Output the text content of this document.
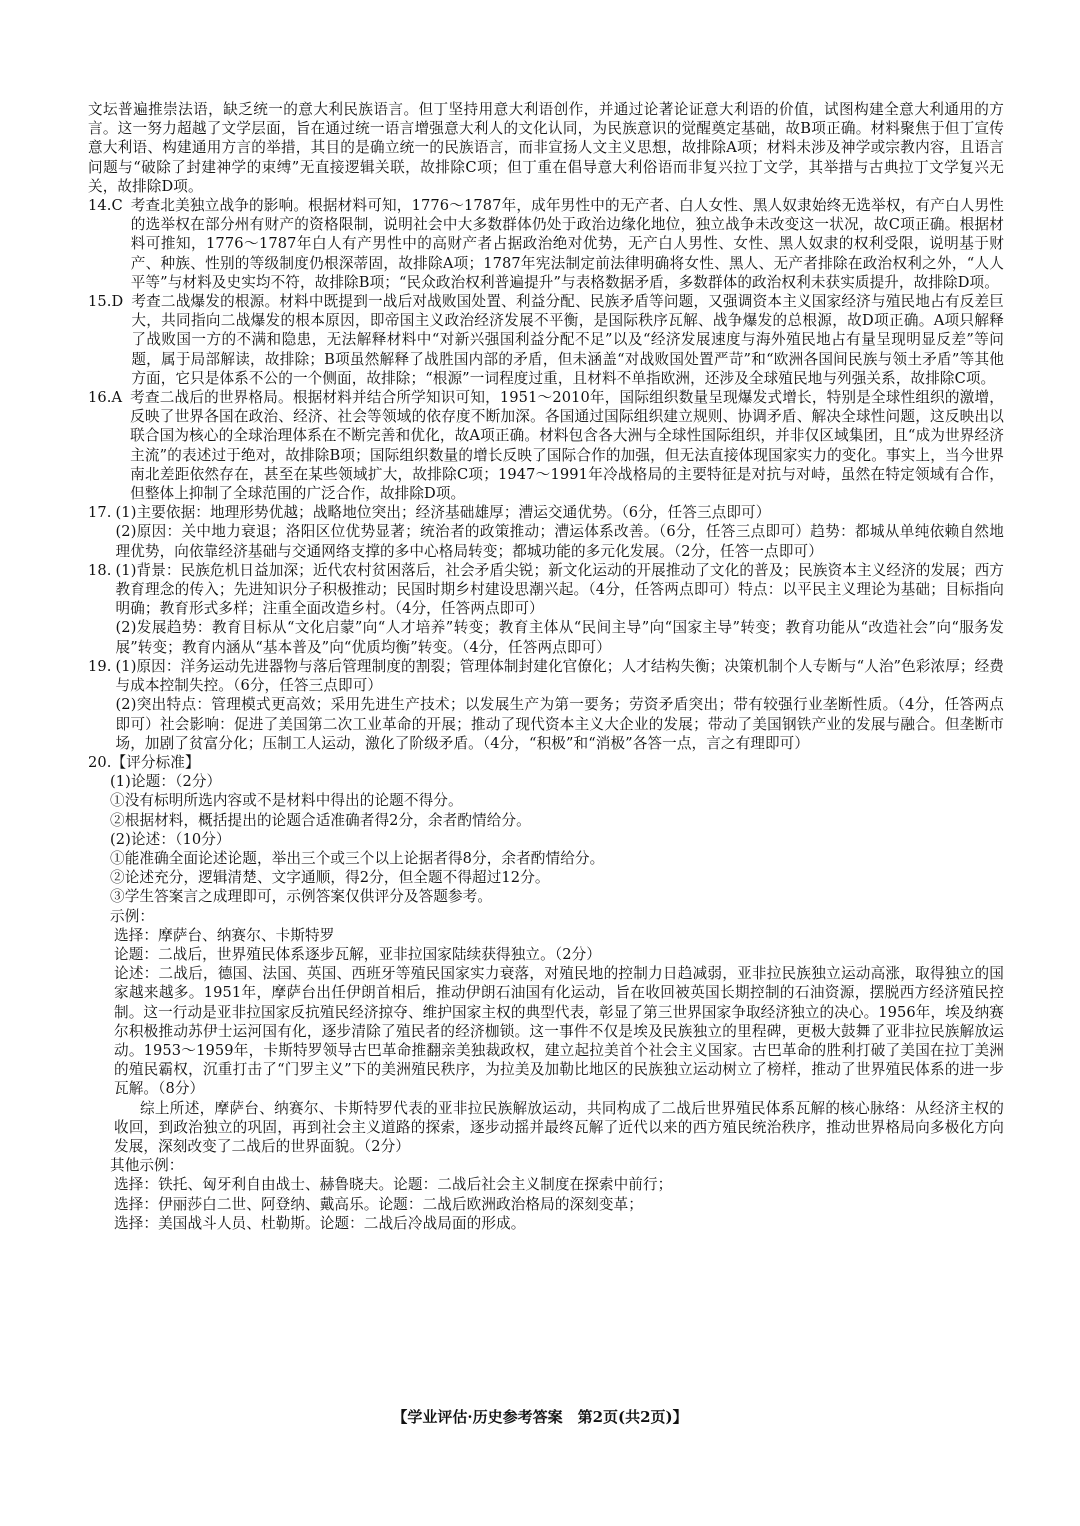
文坛普遍推崇法语，缺乏统一的意大利民族语言。但丁坚持用意大利语创作，并通过论著论证意大利语的价值，试图构建全意大利通用的方言。这一努力超越了文学层面，旨在通过统一语言增强意大利人的文化认同，为民族意识的觉醒奠定基础，故B项正确。材料聚焦于但丁宣传意大利语、构建通用方言的举措，其目的是确立统一的民族语言，而非宣扬人文主义思想，故排除A项；材料未涉及神学或宗教内容，且语言问题与“破除了封建神学的束缚”无直接逻辑关联，故排除C项；但丁重在倡导意大利俗语而非复兴拉丁文学，其举措与古典拉丁文学复兴无关，故排除D项。

14.C 考查北美独立战争的影响。根据材料可知，1776～1787年，成年男性中的无产者、白人女性、黑人奴隶始终无选举权，有产白人男性的选举权在部分州有财产的资格限制，说明社会中大多数群体仍处于政治边缘化地位，独立战争未改变这一状况，故C项正确。根据材料可推知，1776～1787年白人有产男性中的高财产者占据政治绝对优势，无产白人男性、女性、黑人奴隶的权利受限，说明基于财产、种族、性别的等级制度仍根深蒂固，故排除A项；1787年宪法制定前法律明确将女性、黑人、无产者排除在政治权利之外，“人人平等”与材料及史实均不符，故排除B项；“民众政治权利普遍提升”与表格数据矛盾，多数群体的政治权利未获实质提升，故排除D项。
15.D 考查二战爆发的根源。材料中既提到一战后对战败国处置、利益分配、民族矛盾等问题，又强调资本主义国家经济与殖民地占有反差巨大，共同指向二战爆发的根本原因，即帝国主义政治经济发展不平衡，是国际秩序瓦解、战争爆发的总根源，故D项正确。A项只解释了战败国一方的不满和隐患，无法解释材料中“对新兴强国利益分配不足”以及“经济发展速度与海外殖民地占有量呈现明显反差”等问题，属于局部解读，故排除；B项虽然解释了战胜国内部的矛盾，但未涵盖“对战败国处置严苛”和“欧洲各国间民族与领土矛盾”等其他方面，它只是体系不公的一个侧面，故排除；“根源”一词程度过重，且材料不单指欧洲，还涉及全球殖民地与列强关系，故排除C项。
16.A 考查二战后的世界格局。根据材料并结合所学知识可知，1951～2010年，国际组织数量呈现爆发式增长，特别是全球性组织的激增，反映了世界各国在政治、经济、社会等领域的依存度不断加深。各国通过国际组织建立规则、协调矛盾、解决全球性问题，这反映出以联合国为核心的全球治理体系在不断完善和优化，故A项正确。材料包含各大洲与全球性国际组织，并非仅区域集团，且“成为世界经济主流”的表述过于绝对，故排除B项；国际组织数量的增长反映了国际合作的加强，但无法直接体现国家实力的变化。事实上，当今世界南北差距依然存在，甚至在某些领域扩大，故排除C项；1947～1991年冷战格局的主要特征是对抗与对峙，虽然在特定领域有合作，但整体上抑制了全球范围的广泛合作，故排除D项。
17. (1)主要依据：地理形势优越；战略地位突出；经济基础雄厚；漕运交通优势。（6分，任答三点即可）

(2)原因：关中地力衰退；洛阳区位优势显著；统治者的政策推动；漕运体系改善。（6分，任答三点即可）趋势：都城从单纯依赖自然地理优势，向依靠经济基础与交通网络支撑的多中心格局转变；都城功能的多元化发展。（2分，任答一点即可）

18. (1)背景：民族危机日益加深；近代农村贫困落后，社会矛盾尖锐；新文化运动的开展推动了文化的普及；民族资本主义经济的发展；西方教育理念的传入；先进知识分子积极推动；民国时期乡村建设思潮兴起。（4分，任答两点即可）特点：以平民主义理论为基础；目标指向明确；教育形式多样；注重全面改造乡村。（4分，任答两点即可）

(2)发展趋势：教育目标从“文化启蒙”向“人才培养”转变；教育主体从“民间主导”向“国家主导”转变；教育功能从“改造社会”向“服务发展”转变；教育内涵从“基本普及”向“优质均衡”转变。（4分，任答两点即可）

19. (1)原因：洋务运动先进器物与落后管理制度的割裂；管理体制封建化官僚化；人才结构失衡；决策机制个人专断与“人治”色彩浓厚；经费与成本控制失控。（6分，任答三点即可）

(2)突出特点：管理模式更高效；采用先进生产技术；以发展生产为第一要务；劳资矛盾突出；带有较强行业垄断性质。（4分，任答两点即可）社会影响：促进了美国第二次工业革命的开展；推动了现代资本主义大企业的发展；带动了美国钢铁产业的发展与融合。但垄断市场，加剧了贫富分化；压制工人运动，激化了阶级矛盾。（4分，“积极”和“消极”各答一点，言之有理即可）

20. 【评分标准】

(1)论题：（2分）

①没有标明所选内容或不是材料中得出的论题不得分。

②根据材料，概括提出的论题合适准确者得2分，余者酌情给分。

(2)论述：（10分）

①能准确全面论述论题，举出三个或三个以上论据者得8分，余者酌情给分。

②论述充分，逻辑清楚、文字通顺，得2分，但全题不得超过12分。

③学生答案言之成理即可，示例答案仅供评分及答题参考。

示例：

选择：摩萨台、纳赛尔、卡斯特罗

论题：二战后，世界殖民体系逐步瓦解，亚非拉国家陆续获得独立。（2分）

论述：二战后，德国、法国、英国、西班牙等殖民国家实力衰落，对殖民地的控制力日趋减弱，亚非拉民族独立运动高涨，取得独立的国家越来越多。1951年，摩萨台出任伊朗首相后，推动伊朗石油国有化运动，旨在收回被英国长期控制的石油资源，摆脱西方经济殖民控制。这一行动是亚非拉国家反抗殖民经济掠夺、维护国家主权的典型代表，彰显了第三世界国家争取经济独立的决心。1956年，埃及纳赛尔积极推动苏伊士运河国有化，逐步清除了殖民者的经济枷锁。这一事件不仅是埃及民族独立的里程碑，更极大鼓舞了亚非拉民族解放运动。1953～1959年，卡斯特罗领导古巴革命推翻亲美独裁政权，建立起拉美首个社会主义国家。古巴革命的胜利打破了美国在拉丁美洲的殖民霸权，沉重打击了“门罗主义”下的美洲殖民秩序，为拉美及加勒比地区的民族独立运动树立了榜样，推动了世界殖民体系的进一步瓦解。（8分）

综上所述，摩萨台、纳赛尔、卡斯特罗代表的亚非拉民族解放运动，共同构成了二战后世界殖民体系瓦解的核心脉络：从经济主权的收回，到政治独立的巩固，再到社会主义道路的探索，逐步动摇并最终瓦解了近代以来的西方殖民统治秩序，推动世界格局向多极化方向发展，深刻改变了二战后的世界面貌。（2分）

其他示例：

选择：铁托、匈牙利自由战士、赫鲁晓夫。论题：二战后社会主义制度在探索中前行；

选择：伊丽莎白二世、阿登纳、戴高乐。论题：二战后欧洲政治格局的深刻变革；

选择：美国战斗人员、杜勒斯。论题：二战后冷战局面的形成。

【学业评估·历史参考答案　第2页(共2页)】
